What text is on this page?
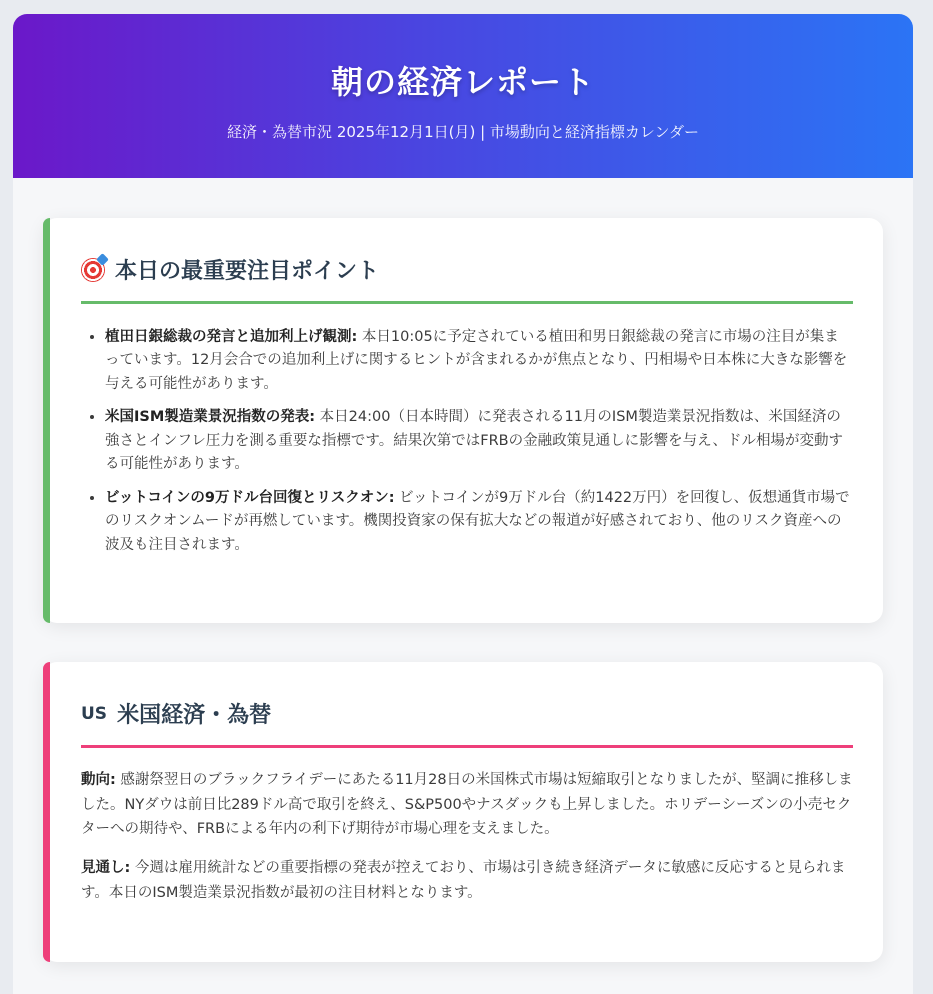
朝の経済レポート
経済・為替市況 2025年12月1日(月) | 市場動向と経済指標カレンダー
本日の最重要注目ポイント
• 植田日銀総裁の発言と追加利上げ観測: 本日10:05に予定されている植田和男日銀総裁の発言に市場の注目が集まっています。12月会合での追加利上げに関するヒントが含まれるかが焦点となり、円相場や日本株に大きな影響を与える可能性があります。
• 米国ISM製造業景況指数の発表: 本日24:00（日本時間）に発表される11月のISM製造業景況指数は、米国経済の強さとインフレ圧力を測る重要な指標です。結果次第ではFRBの金融政策見通しに影響を与え、ドル相場が変動する可能性があります。
• ビットコインの9万ドル台回復とリスクオン: ビットコインが9万ドル台（約1422万円）を回復し、仮想通貨市場でのリスクオンムードが再燃しています。機関投資家の保有拡大などの報道が好感されており、他のリスク資産への波及も注目されます。
US 米国経済・為替

動向: 感謝祭翌日のブラックフライデーにあたる11月28日の米国株式市場は短縮取引となりましたが、堅調に推移しました。NYダウは前日比289ドル高で取引を終え、S&P500やナスダックも上昇しました。ホリデーシーズンの小売セクターへの期待や、FRBによる年内の利下げ期待が市場心理を支えました。

見通し: 今週は雇用統計などの重要指標の発表が控えており、市場は引き続き経済データに敏感に反応すると見られます。本日のISM製造業景況指数が最初の注目材料となります。
